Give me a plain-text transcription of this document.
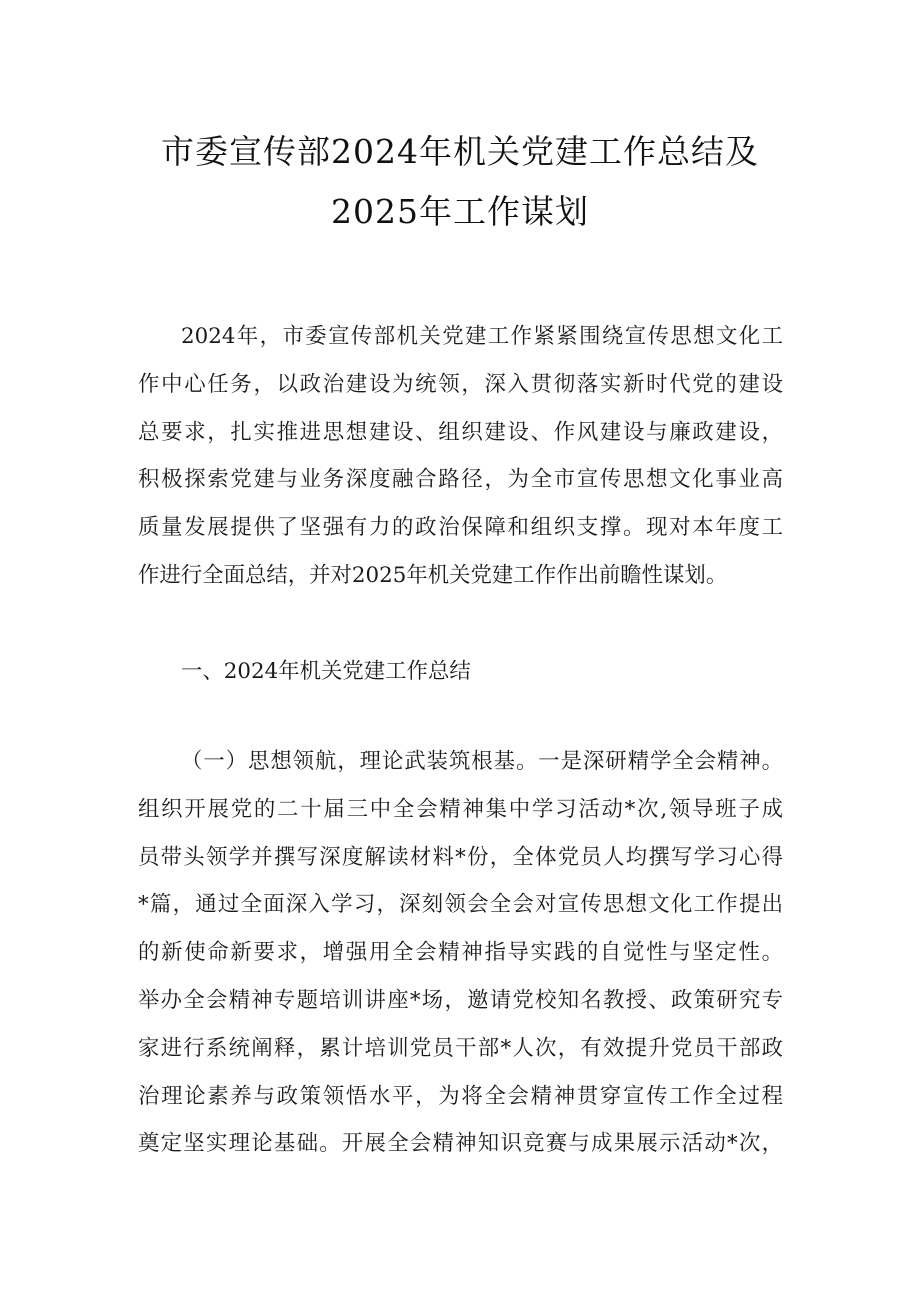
市委宣传部2024年机关党建工作总结及
2025年工作谋划
2024年，市委宣传部机关党建工作紧紧围绕宣传思想文化工
作中心任务，以政治建设为统领，深入贯彻落实新时代党的建设
总要求，扎实推进思想建设、组织建设、作风建设与廉政建设，
积极探索党建与业务深度融合路径，为全市宣传思想文化事业高
质量发展提供了坚强有力的政治保障和组织支撑。现对本年度工
作进行全面总结，并对2025年机关党建工作作出前瞻性谋划。
一、2024年机关党建工作总结
（一）思想领航，理论武装筑根基。一是深研精学全会精神。
组织开展党的二十届三中全会精神集中学习活动*次,领导班子成
员带头领学并撰写深度解读材料*份，全体党员人均撰写学习心得
*篇，通过全面深入学习，深刻领会全会对宣传思想文化工作提出
的新使命新要求，增强用全会精神指导实践的自觉性与坚定性。
举办全会精神专题培训讲座*场，邀请党校知名教授、政策研究专
家进行系统阐释，累计培训党员干部*人次，有效提升党员干部政
治理论素养与政策领悟水平，为将全会精神贯穿宣传工作全过程
奠定坚实理论基础。开展全会精神知识竞赛与成果展示活动*次，
